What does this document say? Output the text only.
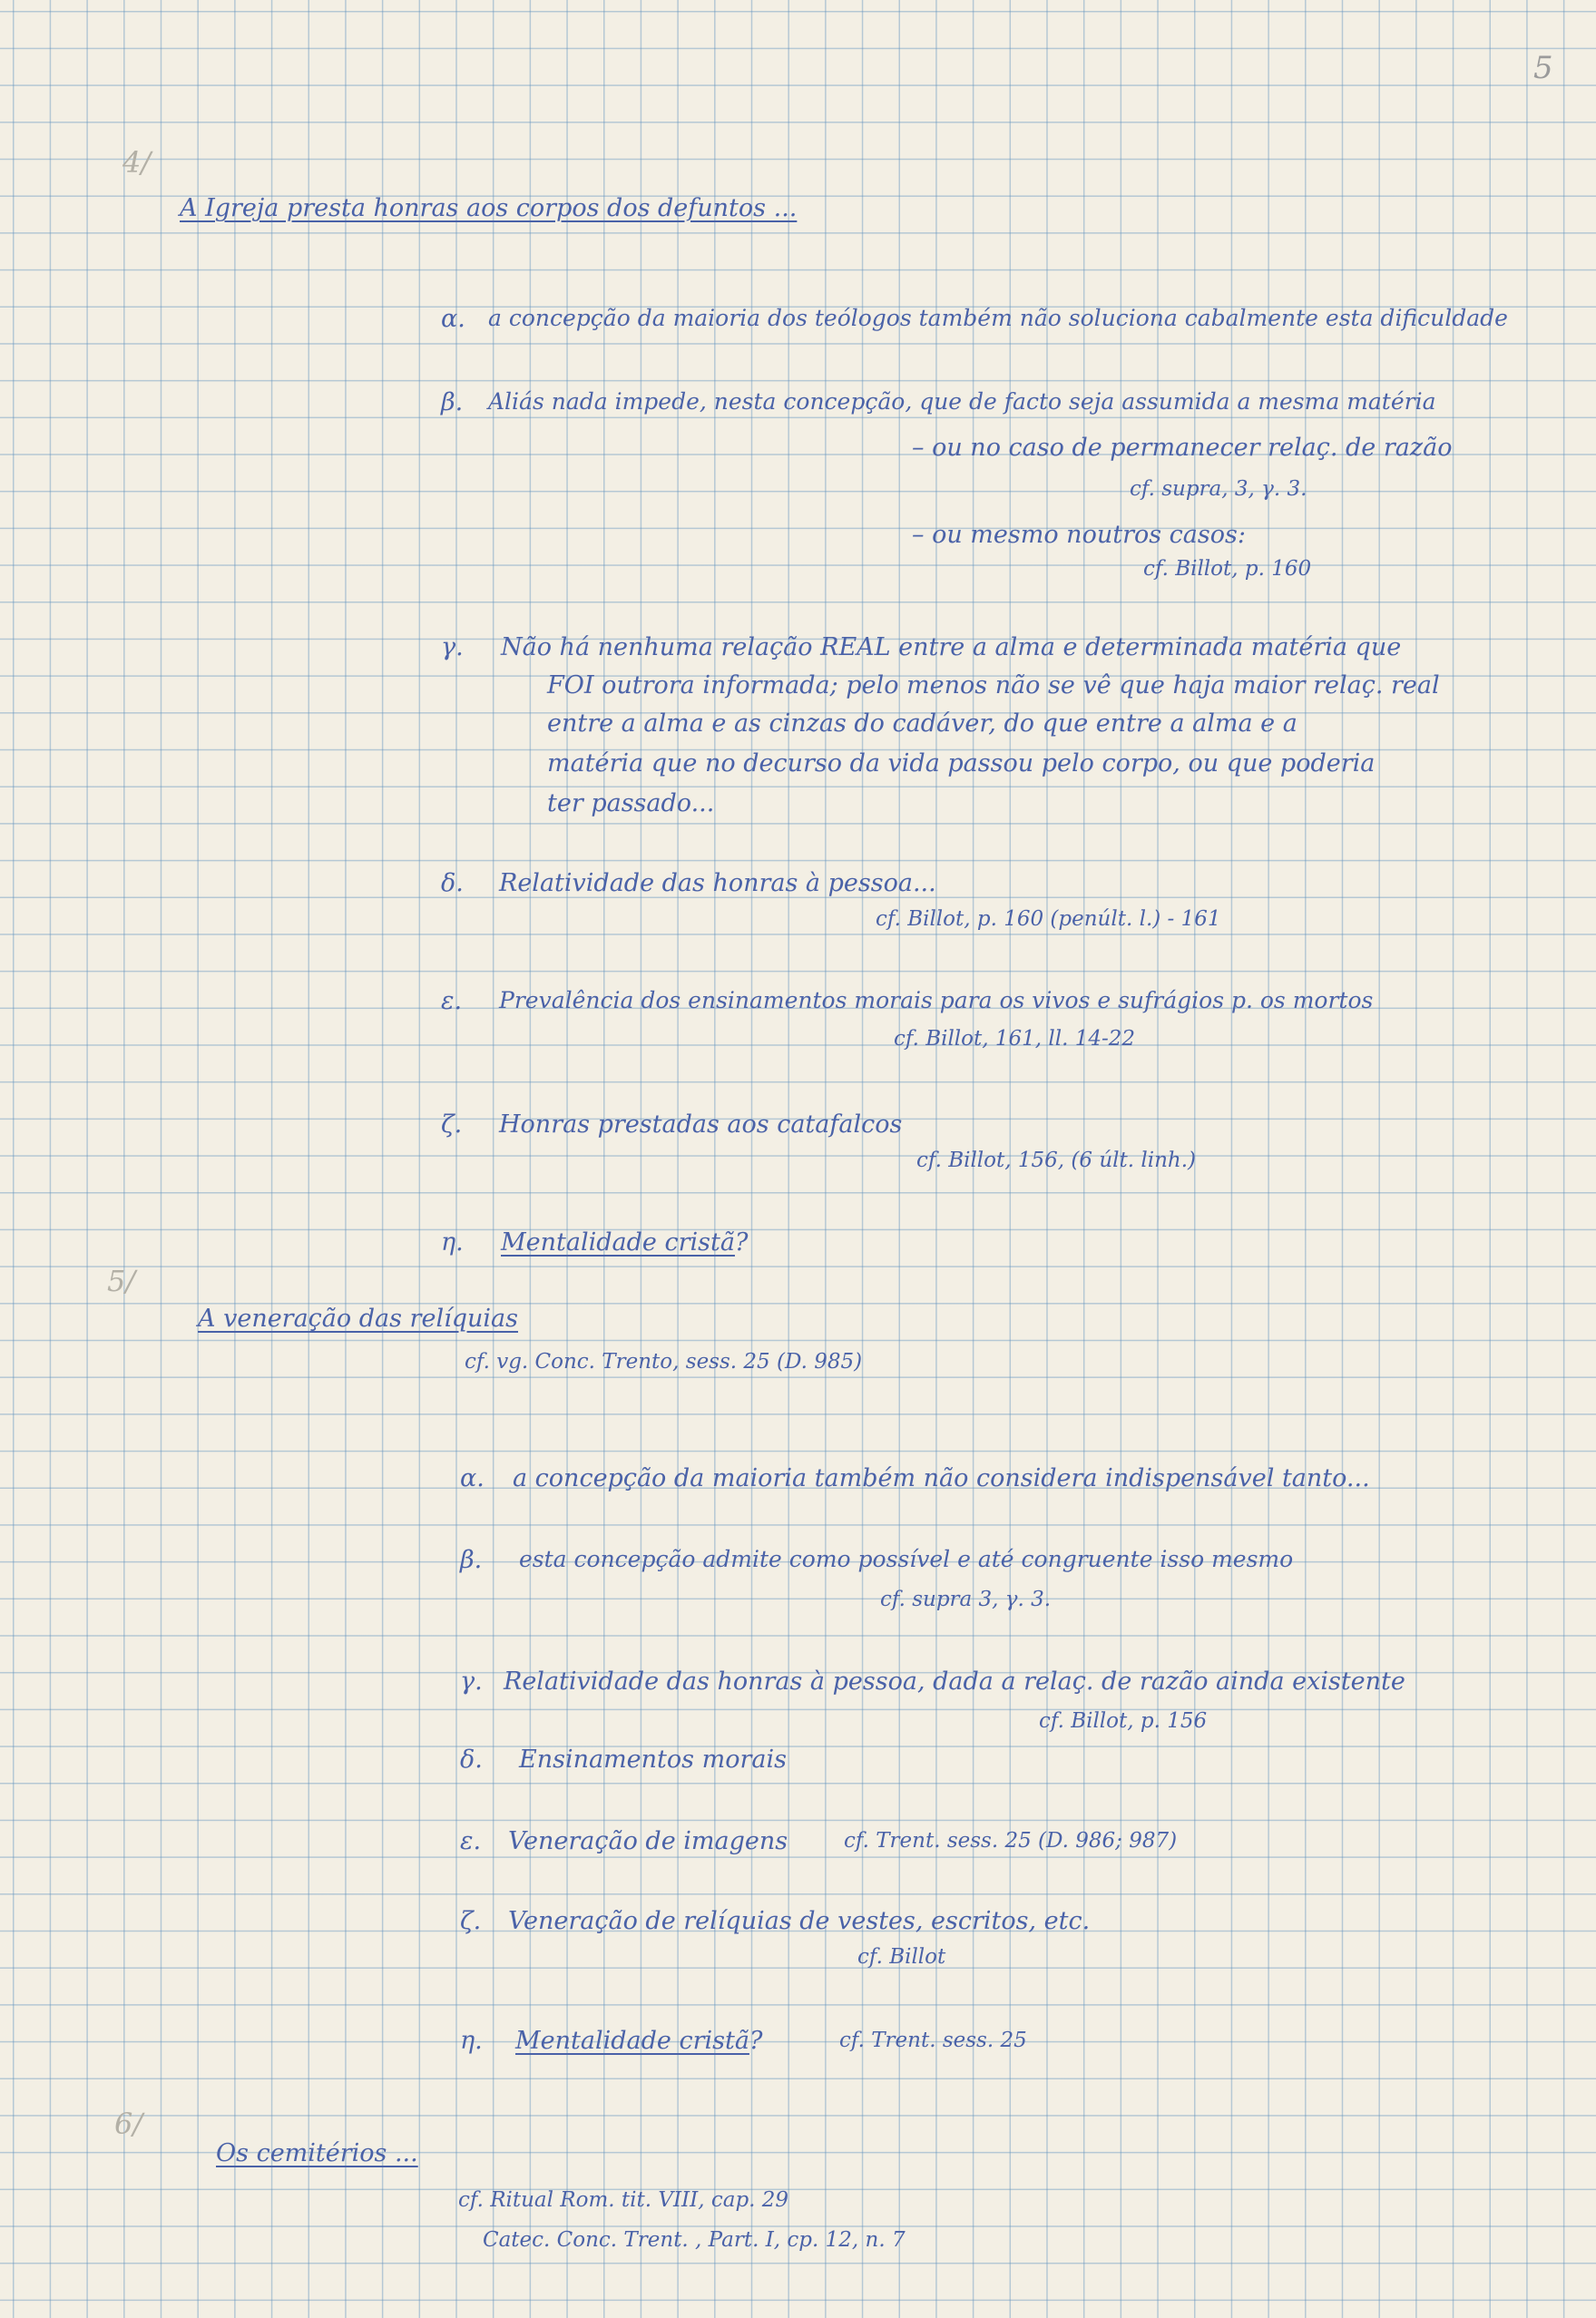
5
4/
5/
6/
A Igreja presta honras aos corpos dos defuntos ...
α. a concepção da maioria dos teólogos também não soluciona cabalmente esta dificuldade
β. Aliás nada impede, nesta concepção, que de facto seja assumida a mesma matéria
– ou no caso de permanecer relaç. de razão
cf. supra, 3, γ. 3.
– ou mesmo noutros casos:
cf. Billot, p. 160
γ. Não há nenhuma relação REAL entre a alma e determinada matéria que
FOI outrora informada; pelo menos não se vê que haja maior relaç. real
entre a alma e as cinzas do cadáver, do que entre a alma e a
matéria que no decurso da vida passou pelo corpo, ou que poderia
ter passado...
δ. Relatividade das honras à pessoa...
cf. Billot, p. 160 (penúlt. l.) - 161
ε. Prevalência dos ensinamentos morais para os vivos e sufrágios p. os mortos
cf. Billot, 161, ll. 14-22
ζ. Honras prestadas aos catafalcos
cf. Billot, 156, (6 últ. linh.)
η. Mentalidade cristã?
A veneração das relíquias
cf. vg. Conc. Trento, sess. 25 (D. 985)
α. a concepção da maioria também não considera indispensável tanto...
β. esta concepção admite como possível e até congruente isso mesmo
cf. supra 3, γ. 3.
γ. Relatividade das honras à pessoa, dada a relaç. de razão ainda existente
cf. Billot, p. 156
δ. Ensinamentos morais
ε. Veneração de imagens	cf. Trent. sess. 25 (D. 986; 987)
ζ. Veneração de relíquias de vestes, escritos, etc.
cf. Billot
η. Mentalidade cristã?	cf. Trent. sess. 25
Os cemitérios ...
cf. Ritual Rom. tit. VIII, cap. 29
Catec. Conc. Trent. , Part. I, cp. 12, n. 7
